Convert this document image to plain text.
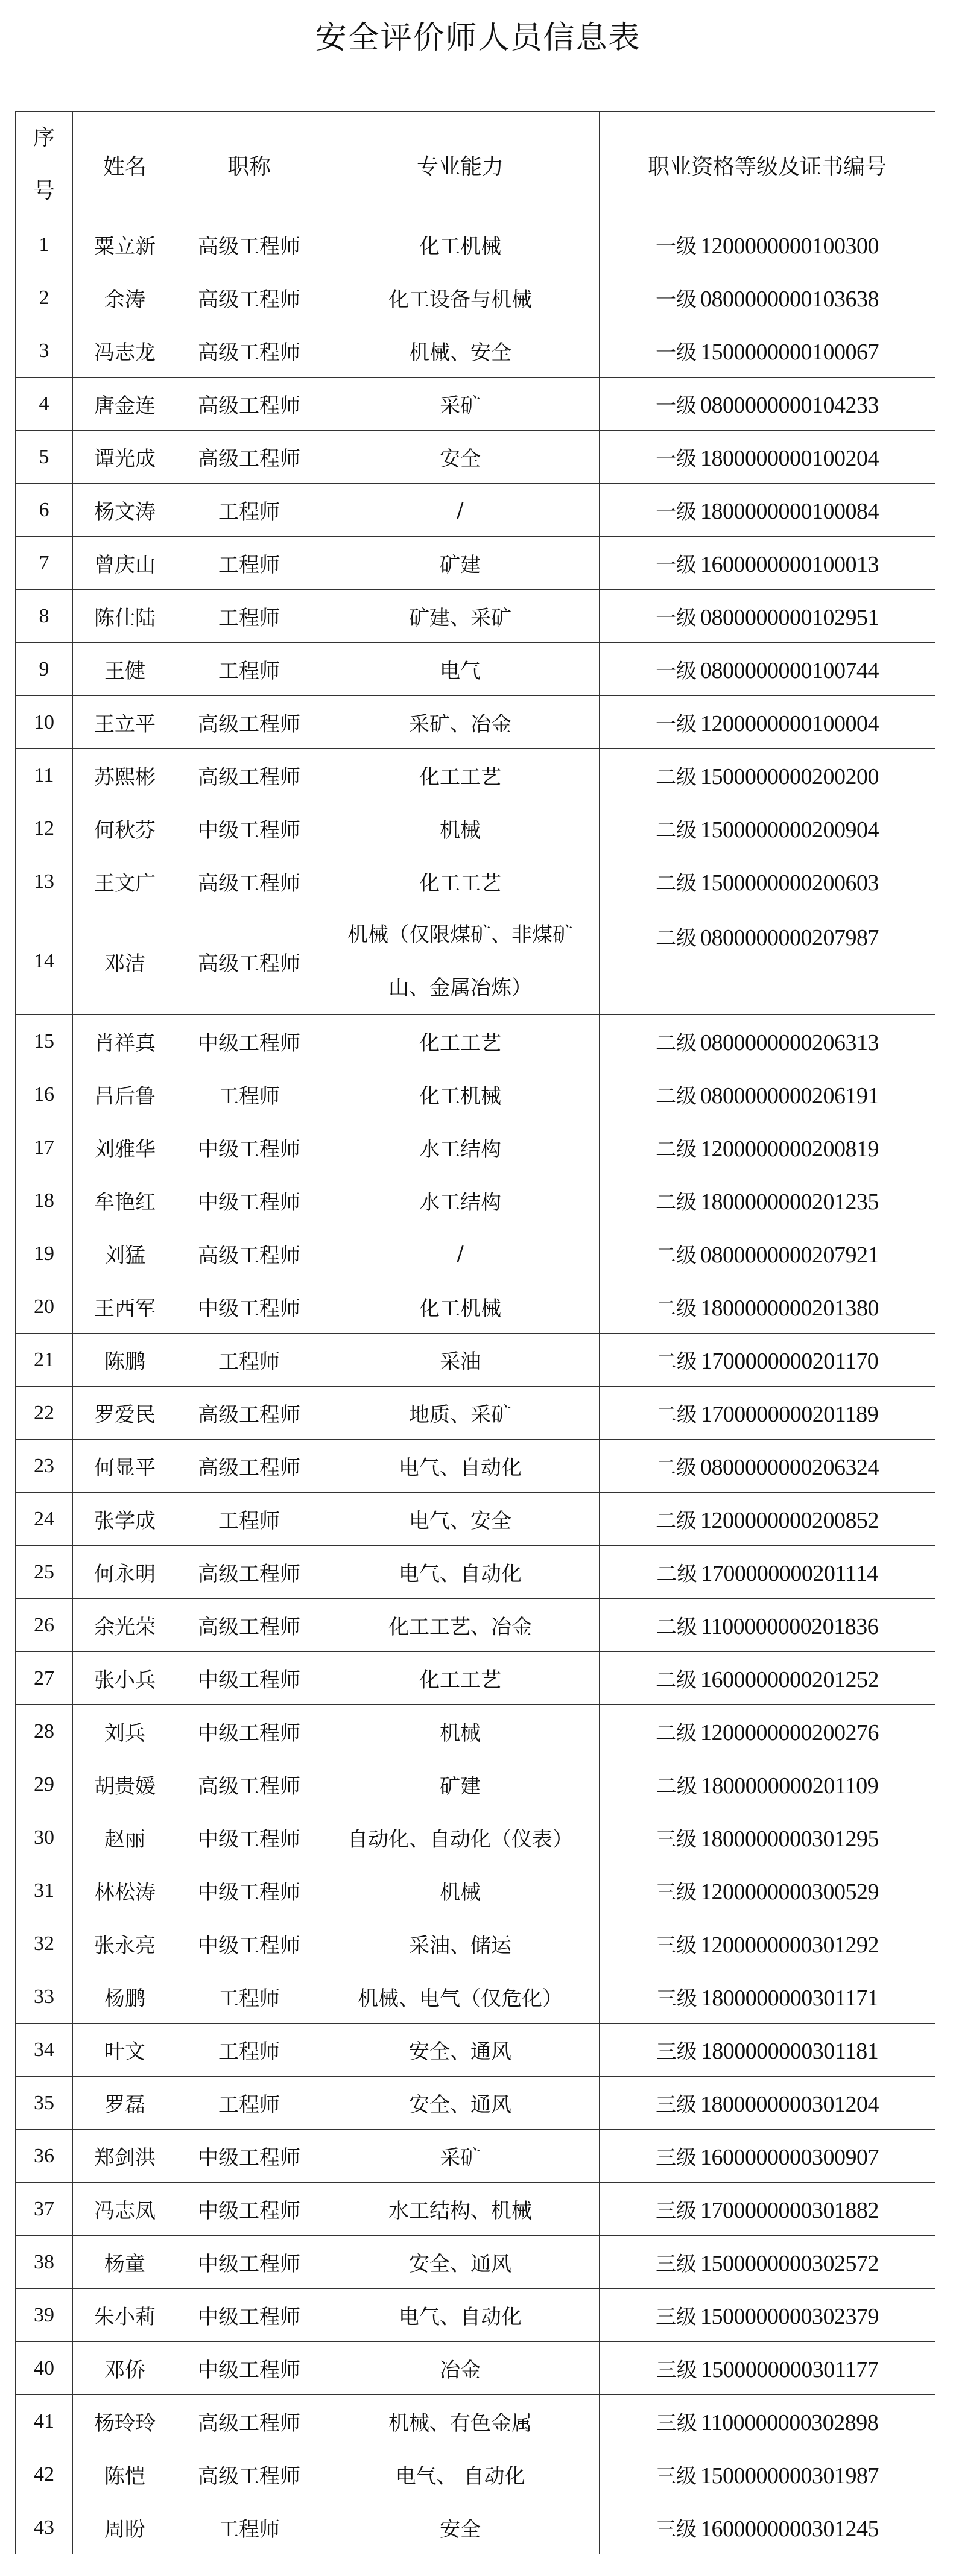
安全评价师人员信息表
序
号	姓名	职称	专业能力	职业资格等级及证书编号
1	粟立新	高级工程师	化工机械	一级 1200000000100300
2	余涛	高级工程师	化工设备与机械	一级 0800000000103638
3	冯志龙	高级工程师	机械、安全	一级 1500000000100067
4	唐金连	高级工程师	采矿	一级 0800000000104233
5	谭光成	高级工程师	安全	一级 1800000000100204
6	杨文涛	工程师	/	一级 1800000000100084
7	曾庆山	工程师	矿建	一级 1600000000100013
8	陈仕陆	工程师	矿建、采矿	一级 0800000000102951
9	王健	工程师	电气	一级 0800000000100744
10	王立平	高级工程师	采矿、冶金	一级 1200000000100004
11	苏熙彬	高级工程师	化工工艺	二级 1500000000200200
12	何秋芬	中级工程师	机械	二级 1500000000200904
13	王文广	高级工程师	化工工艺	二级 1500000000200603
14	邓洁	高级工程师	机械（仅限煤矿、非煤矿
山、金属冶炼）	二级 0800000000207987
15	肖祥真	中级工程师	化工工艺	二级 0800000000206313
16	吕后鲁	工程师	化工机械	二级 0800000000206191
17	刘雅华	中级工程师	水工结构	二级 1200000000200819
18	牟艳红	中级工程师	水工结构	二级 1800000000201235
19	刘猛	高级工程师	/	二级 0800000000207921
20	王西军	中级工程师	化工机械	二级 1800000000201380
21	陈鹏	工程师	采油	二级 1700000000201170
22	罗爱民	高级工程师	地质、采矿	二级 1700000000201189
23	何显平	高级工程师	电气、自动化	二级 0800000000206324
24	张学成	工程师	电气、安全	二级 1200000000200852
25	何永明	高级工程师	电气、自动化	二级 1700000000201114
26	余光荣	高级工程师	化工工艺、冶金	二级 1100000000201836
27	张小兵	中级工程师	化工工艺	二级 1600000000201252
28	刘兵	中级工程师	机械	二级 1200000000200276
29	胡贵媛	高级工程师	矿建	二级 1800000000201109
30	赵丽	中级工程师	自动化、自动化（仪表）	三级 1800000000301295
31	林松涛	中级工程师	机械	三级 1200000000300529
32	张永亮	中级工程师	采油、储运	三级 1200000000301292
33	杨鹏	工程师	机械、电气（仅危化）	三级 1800000000301171
34	叶文	工程师	安全、通风	三级 1800000000301181
35	罗磊	工程师	安全、通风	三级 1800000000301204
36	郑剑洪	中级工程师	采矿	三级 1600000000300907
37	冯志凤	中级工程师	水工结构、机械	三级 1700000000301882
38	杨童	中级工程师	安全、通风	三级 1500000000302572
39	朱小莉	中级工程师	电气、自动化	三级 1500000000302379
40	邓侨	中级工程师	冶金	三级 1500000000301177
41	杨玲玲	高级工程师	机械、有色金属	三级 1100000000302898
42	陈恺	高级工程师	电气、 自动化	三级 1500000000301987
43	周盼	工程师	安全	三级 1600000000301245
